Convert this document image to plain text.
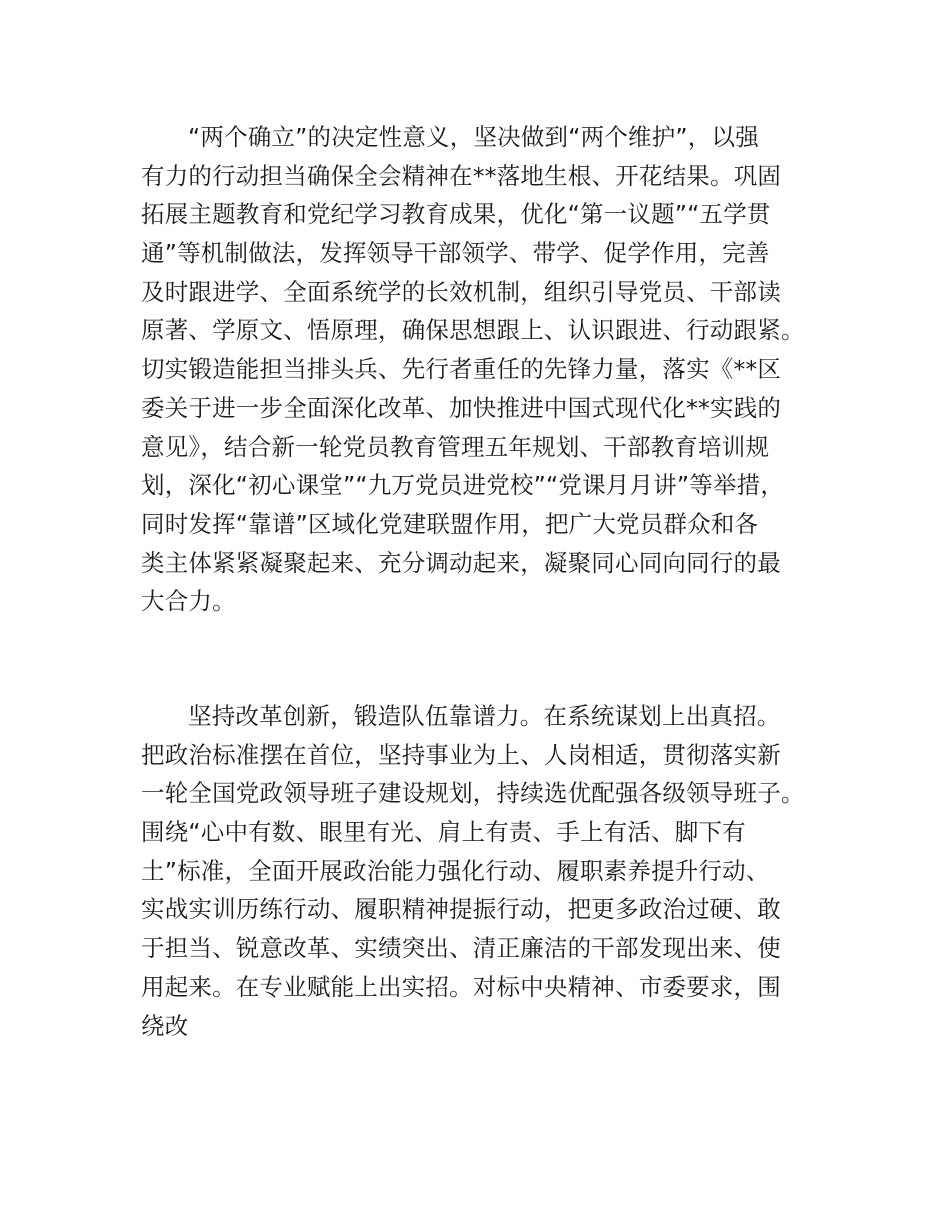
“两个确立”的决定性意义，坚决做到“两个维护”，以强
有力的行动担当确保全会精神在**落地生根、开花结果。巩固
拓展主题教育和党纪学习教育成果，优化“第一议题”“五学贯
通”等机制做法，发挥领导干部领学、带学、促学作用，完善
及时跟进学、全面系统学的长效机制，组织引导党员、干部读
原著、学原文、悟原理，确保思想跟上、认识跟进、行动跟紧。
切实锻造能担当排头兵、先行者重任的先锋力量，落实《**区
委关于进一步全面深化改革、加快推进中国式现代化**实践的
意见》，结合新一轮党员教育管理五年规划、干部教育培训规
划，深化“初心课堂”“九万党员进党校”“党课月月讲”等举措，
同时发挥“靠谱”区域化党建联盟作用，把广大党员群众和各
类主体紧紧凝聚起来、充分调动起来，凝聚同心同向同行的最
大合力。
坚持改革创新，锻造队伍靠谱力。在系统谋划上出真招。
把政治标准摆在首位，坚持事业为上、人岗相适，贯彻落实新
一轮全国党政领导班子建设规划，持续选优配强各级领导班子。
围绕“心中有数、眼里有光、肩上有责、手上有活、脚下有
土”标准，全面开展政治能力强化行动、履职素养提升行动、
实战实训历练行动、履职精神提振行动，把更多政治过硬、敢
于担当、锐意改革、实绩突出、清正廉洁的干部发现出来、使
用起来。在专业赋能上出实招。对标中央精神、市委要求，围
绕改
